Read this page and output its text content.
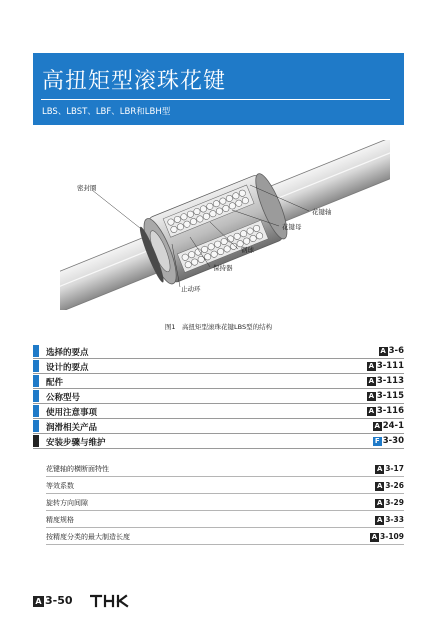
高扭矩型滚珠花键
LBS、LBST、LBF、LBR和LBH型
密封圈
花键轴
花键母
钢球
保持器
止动环
图1　高扭矩型滚珠花键LBS型的结构
选择的要点	A 3-6
设计的要点	A 3-111
配件	A 3-113
公称型号	A 3-115
使用注意事项	A 3-116
润滑相关产品	A 24-1
安装步骤与维护	F 3-30
花键轴的横断面特性	A 3-17
等效系数	A 3-26
旋转方向间隙	A 3-29
精度规格	A 3-33
按精度分类的最大制造长度	A 3-109
A 3-50
